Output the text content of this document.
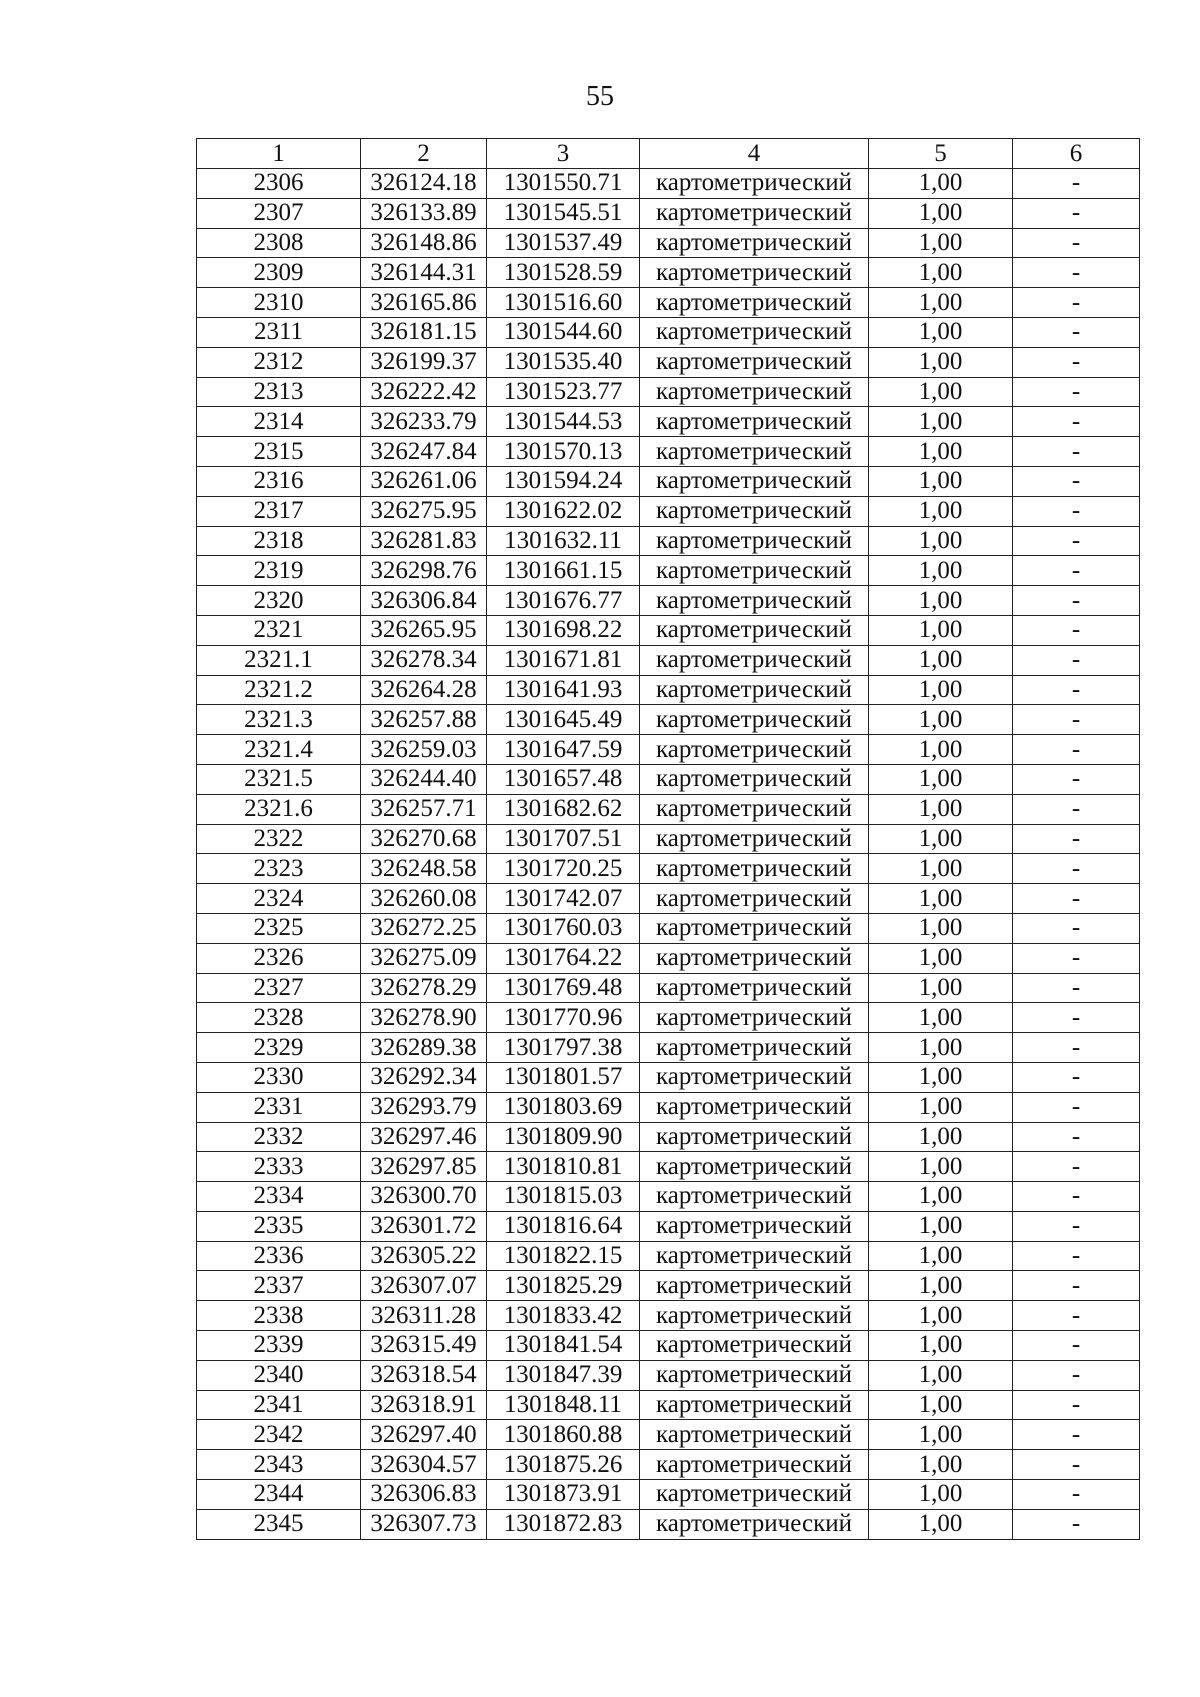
55
1	2	3	4	5	6
2306	326124.18	1301550.71	картометрический	1,00	-
2307	326133.89	1301545.51	картометрический	1,00	-
2308	326148.86	1301537.49	картометрический	1,00	-
2309	326144.31	1301528.59	картометрический	1,00	-
2310	326165.86	1301516.60	картометрический	1,00	-
2311	326181.15	1301544.60	картометрический	1,00	-
2312	326199.37	1301535.40	картометрический	1,00	-
2313	326222.42	1301523.77	картометрический	1,00	-
2314	326233.79	1301544.53	картометрический	1,00	-
2315	326247.84	1301570.13	картометрический	1,00	-
2316	326261.06	1301594.24	картометрический	1,00	-
2317	326275.95	1301622.02	картометрический	1,00	-
2318	326281.83	1301632.11	картометрический	1,00	-
2319	326298.76	1301661.15	картометрический	1,00	-
2320	326306.84	1301676.77	картометрический	1,00	-
2321	326265.95	1301698.22	картометрический	1,00	-
2321.1	326278.34	1301671.81	картометрический	1,00	-
2321.2	326264.28	1301641.93	картометрический	1,00	-
2321.3	326257.88	1301645.49	картометрический	1,00	-
2321.4	326259.03	1301647.59	картометрический	1,00	-
2321.5	326244.40	1301657.48	картометрический	1,00	-
2321.6	326257.71	1301682.62	картометрический	1,00	-
2322	326270.68	1301707.51	картометрический	1,00	-
2323	326248.58	1301720.25	картометрический	1,00	-
2324	326260.08	1301742.07	картометрический	1,00	-
2325	326272.25	1301760.03	картометрический	1,00	-
2326	326275.09	1301764.22	картометрический	1,00	-
2327	326278.29	1301769.48	картометрический	1,00	-
2328	326278.90	1301770.96	картометрический	1,00	-
2329	326289.38	1301797.38	картометрический	1,00	-
2330	326292.34	1301801.57	картометрический	1,00	-
2331	326293.79	1301803.69	картометрический	1,00	-
2332	326297.46	1301809.90	картометрический	1,00	-
2333	326297.85	1301810.81	картометрический	1,00	-
2334	326300.70	1301815.03	картометрический	1,00	-
2335	326301.72	1301816.64	картометрический	1,00	-
2336	326305.22	1301822.15	картометрический	1,00	-
2337	326307.07	1301825.29	картометрический	1,00	-
2338	326311.28	1301833.42	картометрический	1,00	-
2339	326315.49	1301841.54	картометрический	1,00	-
2340	326318.54	1301847.39	картометрический	1,00	-
2341	326318.91	1301848.11	картометрический	1,00	-
2342	326297.40	1301860.88	картометрический	1,00	-
2343	326304.57	1301875.26	картометрический	1,00	-
2344	326306.83	1301873.91	картометрический	1,00	-
2345	326307.73	1301872.83	картометрический	1,00	-
